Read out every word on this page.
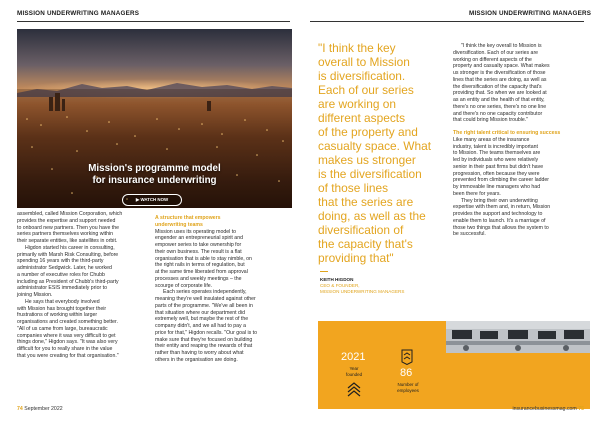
MISSION UNDERWRITING MANAGERS
Mission's programme model
for insurance underwriting
▶ WATCH NOW

assembled, called Mission Corporation, which

provides the expertise and support needed

to onboard new partners. Then you have the

series partners themselves working within

their separate entities, like satellites in orbit.

Higdon started his career in consulting,

primarily with Marsh Risk Consulting, before

spending 16 years with the third-party

administrator Sedgwick. Later, he worked

a number of executive roles for Chubb

including as President of Chubb's third-party

administrator ESIS immediately prior to

joining Mission.

He says that everybody involved

with Mission has brought together their

frustrations of working within larger

organisations and created something better.

"All of us came from large, bureaucratic

companies where it was very difficult to get

things done," Higdon says. "It was also very

difficult for you to really share in the value

that you were creating for that organisation."

A structure that empowers

underwriting teams

Mission uses its operating model to

engender an entrepreneurial spirit and

empower series to take ownership for

their own business. The result is a flat

organisation that is able to stay nimble, on

the right rails in terms of regulation, but

at the same time liberated from approval

processes and weekly meetings – the

scourge of corporate life.

Each series operates independently,

meaning they're well insulated against other

parts of the programme. "We've all been in

that situation where our department did

extremely well, but maybe the rest of the

company didn't, and we all had to pay a

price for that," Higdon recalls. "Our goal is to

make sure that they're focused on building

their entity and reaping the rewards of that

rather than having to worry about what

others in the organisation are doing.

74 September 2022
MISSION UNDERWRITING MANAGERS
"I think the key
overall to Mission
is diversification.
Each of our series
are working on
different aspects
of the property and
casualty space. What
makes us stronger
is the diversification
of those lines
that the series are
doing, as well as the
diversification of
the capacity that's
providing that"
KEITH HIGDON
CEO & FOUNDER,
MISSION UNDERWRITING MANAGERS

"I think the key overall to Mission is

diversification. Each of our series are

working on different aspects of the

property and casualty space. What makes

us stronger is the diversification of those

lines that the series are doing, as well as

the diversification of the capacity that's

providing that. So when we are looked at

as an entity and the health of that entity,

there's no one series, there's no one line

and there's no one capacity contributor

that could bring Mission trouble."

The right talent critical to ensuring success

Like many areas of the insurance

industry, talent is incredibly important

to Mission. The teams themselves are

led by individuals who were relatively

senior in their past firms but didn't have

progression, often because they were

prevented from climbing the career ladder

by immovable line managers who had

been there for years.

They bring their own underwriting

expertise with them and, in return, Mission

provides the support and technology to

enable them to launch. It's a marriage of

those two things that allows the system to

be successful.

2021
Year
founded	86
Number of
employees
insurancebusinessmag.com 75
